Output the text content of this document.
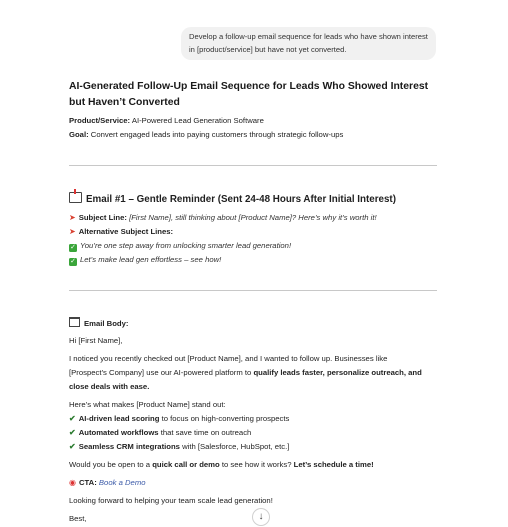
Develop a follow-up email sequence for leads who have shown interest in [product/service] but have not yet converted.
AI-Generated Follow-Up Email Sequence for Leads Who Showed Interest but Haven’t Converted
Product/Service: AI-Powered Lead Generation Software
Goal: Convert engaged leads into paying customers through strategic follow-ups
Email #1 – Gentle Reminder (Sent 24-48 Hours After Initial Interest)
➤ Subject Line: [First Name], still thinking about [Product Name]? Here’s why it’s worth it!
➤ Alternative Subject Lines:
✓ You’re one step away from unlocking smarter lead generation!
✓ Let’s make lead gen effortless – see how!
Email Body:
Hi [First Name],
I noticed you recently checked out [Product Name], and I wanted to follow up. Businesses like
[Prospect’s Company] use our AI-powered platform to qualify leads faster, personalize outreach, and
close deals with ease.
Here’s what makes [Product Name] stand out:
✔ AI-driven lead scoring to focus on high-converting prospects
✔ Automated workflows that save time on outreach
✔ Seamless CRM integrations with [Salesforce, HubSpot, etc.]
Would you be open to a quick call or demo to see how it works? Let’s schedule a time!
◉ CTA: Book a Demo
Looking forward to helping your team scale lead generation!
Best,	↓
